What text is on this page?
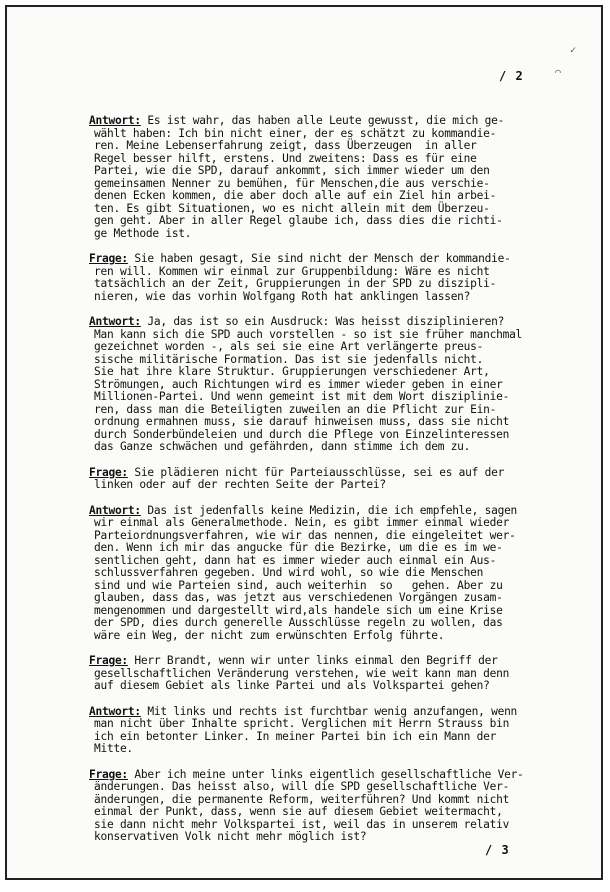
✓
⌒
/ 2
Antwort: Es ist wahr, das haben alle Leute gewusst, die mich ge-
wählt haben: Ich bin nicht einer, der es schätzt zu kommandie-
ren. Meine Lebenserfahrung zeigt, dass Überzeugen  in aller
Regel besser hilft, erstens. Und zweitens: Dass es für eine
Partei, wie die SPD, darauf ankommt, sich immer wieder um den
gemeinsamen Nenner zu bemühen, für Menschen,die aus verschie-
denen Ecken kommen, die aber doch alle auf ein Ziel hin arbei-
ten. Es gibt Situationen, wo es nicht allein mit dem Überzeu-
gen geht. Aber in aller Regel glaube ich, dass dies die richti-
ge Methode ist.
Frage: Sie haben gesagt, Sie sind nicht der Mensch der kommandie-
ren will. Kommen wir einmal zur Gruppenbildung: Wäre es nicht
tatsächlich an der Zeit, Gruppierungen in der SPD zu diszipli-
nieren, wie das vorhin Wolfgang Roth hat anklingen lassen?
Antwort: Ja, das ist so ein Ausdruck: Was heisst disziplinieren?
Man kann sich die SPD auch vorstellen - so ist sie früher manchmal
gezeichnet worden -, als sei sie eine Art verlängerte preus-
sische militärische Formation. Das ist sie jedenfalls nicht.
Sie hat ihre klare Struktur. Gruppierungen verschiedener Art,
Strömungen, auch Richtungen wird es immer wieder geben in einer
Millionen-Partei. Und wenn gemeint ist mit dem Wort disziplinie-
ren, dass man die Beteiligten zuweilen an die Pflicht zur Ein-
ordnung ermahnen muss, sie darauf hinweisen muss, dass sie nicht
durch Sonderbündeleien und durch die Pflege von Einzelinteressen
das Ganze schwächen und gefährden, dann stimme ich dem zu.
Frage: Sie plädieren nicht für Parteiausschlüsse, sei es auf der
linken oder auf der rechten Seite der Partei?
Antwort: Das ist jedenfalls keine Medizin, die ich empfehle, sagen
wir einmal als Generalmethode. Nein, es gibt immer einmal wieder
Parteiordnungsverfahren, wie wir das nennen, die eingeleitet wer-
den. Wenn ich mir das angucke für die Bezirke, um die es im we-
sentlichen geht, dann hat es immer wieder auch einmal ein Aus-
schlussverfahren gegeben. Und wird wohl, so wie die Menschen
sind und wie Parteien sind, auch weiterhin  so   gehen. Aber zu
glauben, dass das, was jetzt aus verschiedenen Vorgängen zusam-
mengenommen und dargestellt wird,als handele sich um eine Krise
der SPD, dies durch generelle Ausschlüsse regeln zu wollen, das
wäre ein Weg, der nicht zum erwünschten Erfolg führte.
Frage: Herr Brandt, wenn wir unter links einmal den Begriff der
gesellschaftlichen Veränderung verstehen, wie weit kann man denn
auf diesem Gebiet als linke Partei und als Volkspartei gehen?
Antwort: Mit links und rechts ist furchtbar wenig anzufangen, wenn
man nicht über Inhalte spricht. Verglichen mit Herrn Strauss bin
ich ein betonter Linker. In meiner Partei bin ich ein Mann der
Mitte.
Frage: Aber ich meine unter links eigentlich gesellschaftliche Ver-
änderungen. Das heisst also, will die SPD gesellschaftliche Ver-
änderungen, die permanente Reform, weiterführen? Und kommt nicht
einmal der Punkt, dass, wenn sie auf diesem Gebiet weitermacht,
sie dann nicht mehr Volkspartei ist, weil das in unserem relativ
konservativen Volk nicht mehr möglich ist?
/ 3
